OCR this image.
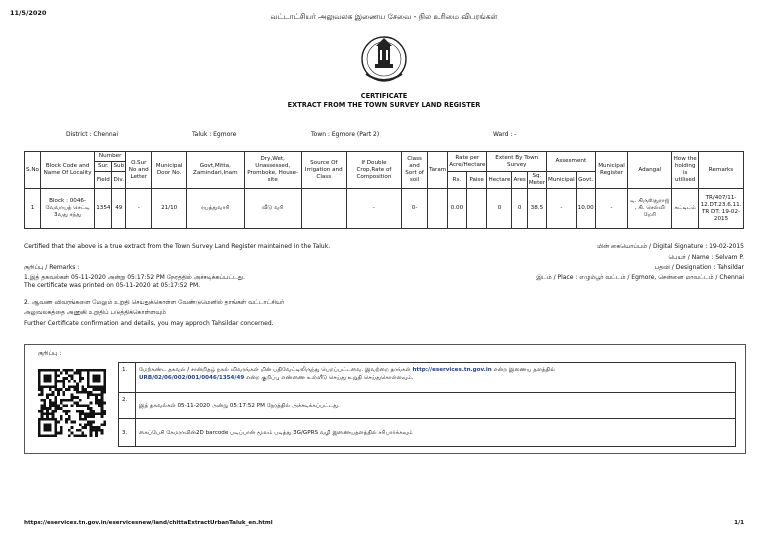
11/5/2020	வட்டாட்சியர் அலுவலக இணைய சேவை - நில உரிமை விபரங்கள்
CERTIFICATE
EXTRACT FROM THE TOWN SURVEY LAND REGISTER
District : Chennai	Taluk : Egmore	Town : Egmore (Part 2)	Ward : -
S.No	Block Code and Name Of Locality	Number		O.Sur No and Letter	Municipal Door No.	Govt,Mitta, Zamindari,Inam	Dry,Wet, Unassessed, Promboke, House-site	Source Of Irrigation and Class	If Double Crop,Rate of Composition	Class and Sort of soil	Taram	Rate per Acre/Hectare		Extent By Town Survey			Assesment		Municipal Register	Adangal	How the holding is utilised	Remarks
		Sur.	Sub																			
		Field	Div.									Rs.	Paise	Hectare	Ares	Sq. Meter	Municipal	Govt.				
1	Block : 0046- வேவாயத் செட்டி 3வது சந்து	1354	49	-	21/10	ரயத்துவாரி	வீடு வரி		-	0-		0.00		0	0	38.5	-	10.00	-	டி. கிருஸ்துராஜ் , கி. செல்வி மேரி	கட்டிடம்	TR/407/11-12.DT.23.6.11. TR DT: 19-02-2015
Certified that the above is a true extract from the Town Survey Land Register maintained in the Taluk.
குறிப்பு / Remarks :
1.இத் தகவல்கள் 05-11-2020 அன்று 05:17:52 PM நேரத்தில் அச்சடிக்கப்பட்டது.
The certificate was printed on 05-11-2020 at 05:17:52 PM.
2. ஆவண விவரங்களை மேலும் உறுதி செய்துக்கொள்ள வேண்டுமெனில் தாங்கள் வட்டாட்சியர்
அலுவலகத்தை அணுகி உறுதிப் படுத்திக்கொள்ளவும்
Further Certificate confirmation and details, you may approch Tahsildar concerned.
மின் கையொப்பம் / Digital Signature : 19-02-2015
பெயர் / Name : Selvam P.
பதவி / Designation : Tahsildar
இடம் / Place : எழும்பூர் வட்டம் / Egmore, சென்னை மாவட்டம் / Chennai
குறிப்பு :
1.	மேற்கண்ட தகவல் / சான்றிதழ் நகல் விவரங்கள் மின் பதிவேட்டிலிருந்து பெறப்பட்டவை. இவற்றை தாங்கள் http://eservices.tn.gov.in என்ற இணைய தளத்தில்
URB/02/06/002/001/0046/1354/49 என்ற குறிப்பு எண்ணை உள்ளீடு செய்து உறுதி செய்துகொள்ளவும்.
2.	இத் தகவல்கள் 05-11-2020 அன்று 05:17:52 PM நேரத்தில் அச்சடிக்கப்பட்டது.
3.	கைப்பேசி கேமராவின்2D barcode படிப்பான் மூலம் படித்து 3G/GPRS வழி இணையதளத்தில் சரிபார்க்கவும்
https://eservices.tn.gov.in/eservicesnew/land/chittaExtractUrbanTaluk_en.html	1/1
